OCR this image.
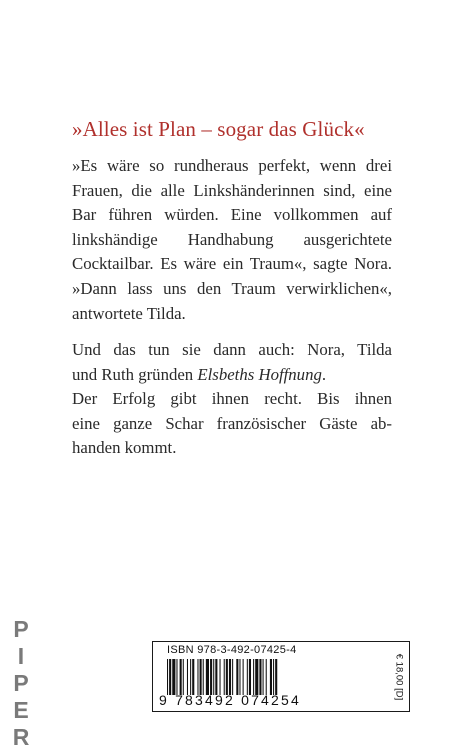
»Alles ist Plan – sogar das Glück«
»Es wäre so rundheraus perfekt, wenn drei
Frauen, die alle Linkshänderinnen sind, eine
Bar führen würden. Eine vollkommen auf
linkshändige Handhabung ausgerichtete
Cocktailbar. Es wäre ein Traum«, sagte Nora.
»Dann lass uns den Traum verwirklichen«,
antwortete Tilda.
Und das tun sie dann auch: Nora, Tilda
und Ruth gründen Elsbeths Hoffnung.
Der Erfolg gibt ihnen recht. Bis ihnen
eine ganze Schar französischer Gäste ab-
handen kommt.
P
I
P
E
R
ISBN 978-3-492-07425-4
9 783492 074254	€ 18,00 [D]
